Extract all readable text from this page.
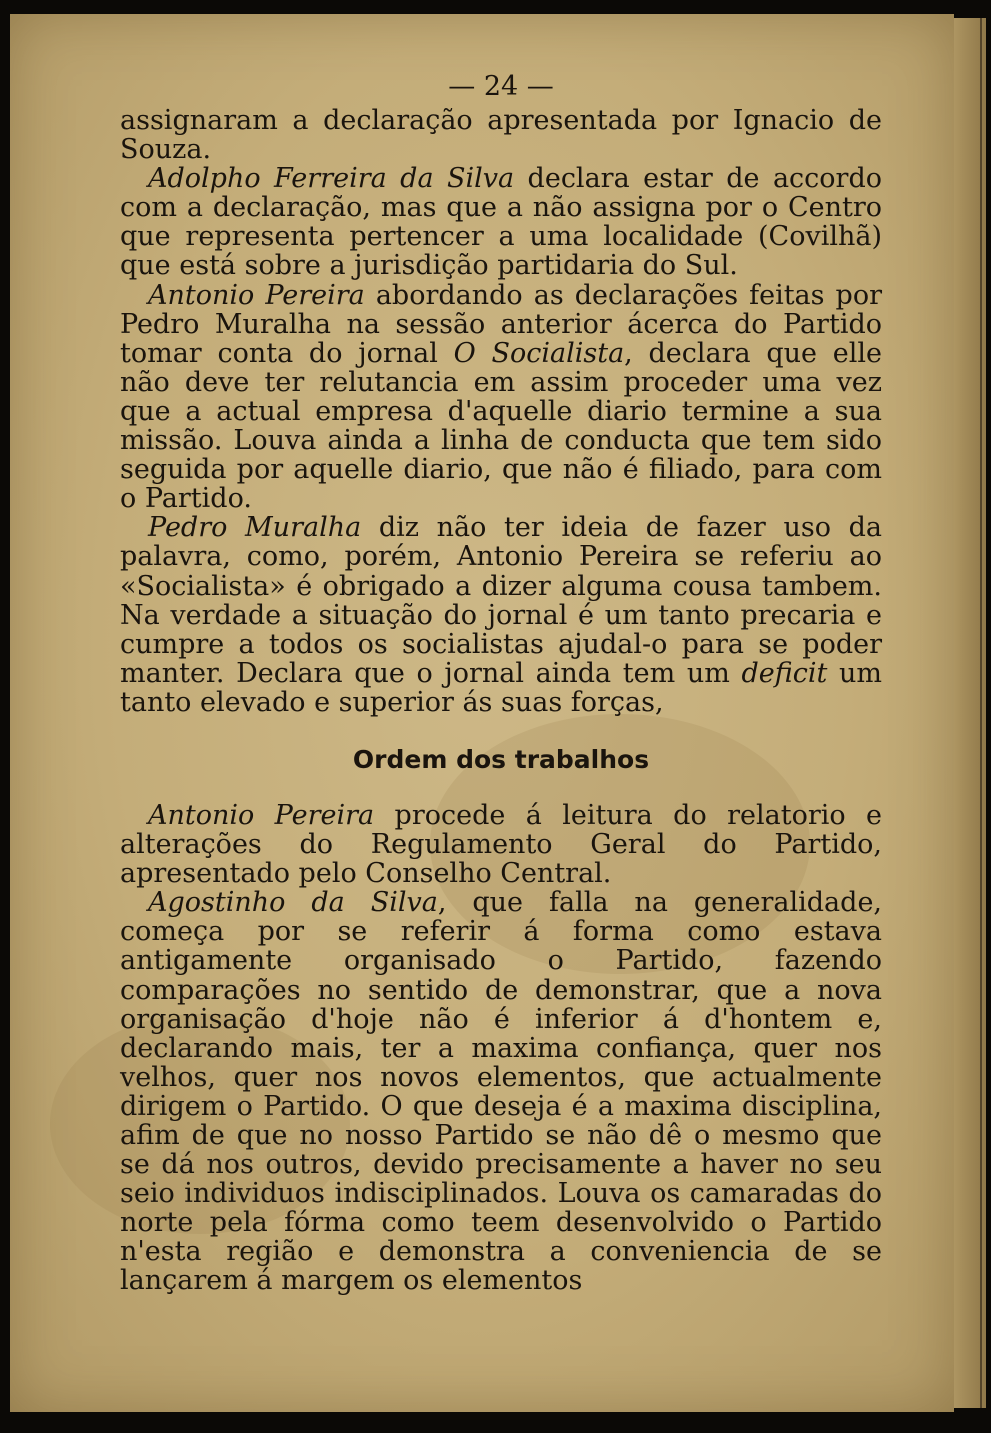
— 24 —

assignaram a declaração apresentada por Ignacio de Souza.

Adolpho Ferreira da Silva declara estar de accordo com a declaração, mas que a não assigna por o Centro que representa pertencer a uma localidade (Covilhã) que está sobre a jurisdição partidaria do Sul.

Antonio Pereira abordando as declarações feitas por Pedro Muralha na sessão anterior ácerca do Partido tomar conta do jornal O Socialista, declara que elle não deve ter relutancia em assim proceder uma vez que a actual empresa d'aquelle diario termine a sua missão. Louva ainda a linha de conducta que tem sido seguida por aquelle diario, que não é filiado, para com o Partido.

Pedro Muralha diz não ter ideia de fazer uso da palavra, como, porém, Antonio Pereira se referiu ao «Socialista» é obrigado a dizer alguma cousa tambem. Na verdade a situação do jornal é um tanto precaria e cumpre a todos os socialistas ajudal-o para se poder manter. Declara que o jornal ainda tem um deficit um tanto elevado e superior ás suas forças,

Ordem dos trabalhos

Antonio Pereira procede á leitura do relatorio e alterações do Regulamento Geral do Partido, apresentado pelo Conselho Central.

Agostinho da Silva, que falla na generalidade, começa por se referir á forma como estava antigamente organisado o Partido, fazendo comparações no sentido de demonstrar, que a nova organisação d'hoje não é inferior á d'hontem e, declarando mais, ter a maxima confiança, quer nos velhos, quer nos novos elementos, que actualmente dirigem o Partido. O que deseja é a maxima disciplina, afim de que no nosso Partido se não dê o mesmo que se dá nos outros, devido precisamente a haver no seu seio individuos indisciplinados. Louva os camaradas do norte pela fórma como teem desenvolvido o Partido n'esta região e demonstra a conveniencia de se lançarem á margem os elementos
